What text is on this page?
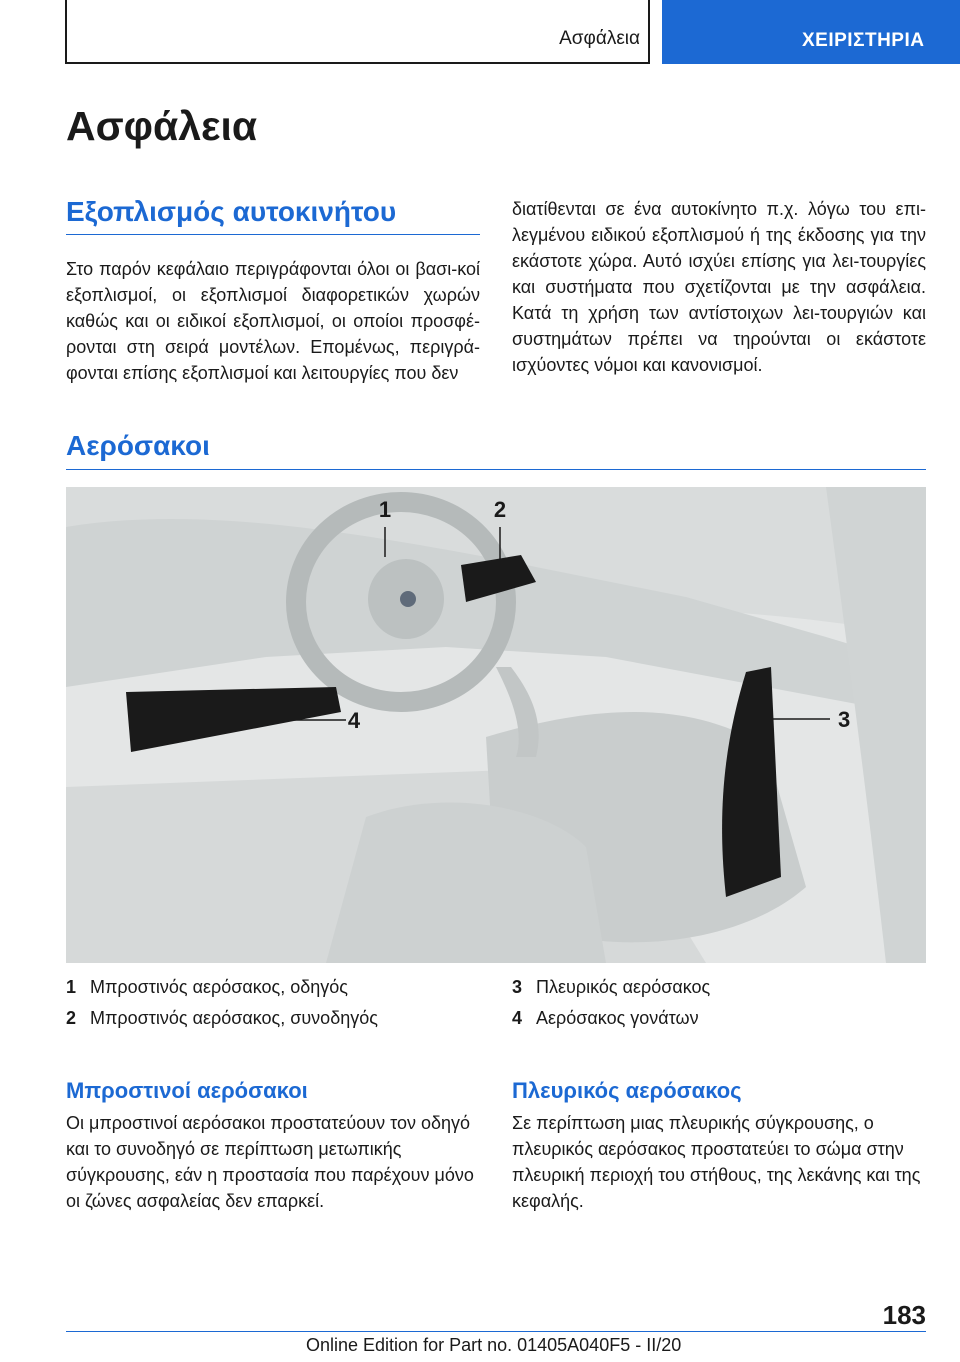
Ασφάλεια	ΧΕΙΡΙΣΤΗΡΙΑ
Ασφάλεια
Εξοπλισμός αυτοκινήτου
Στο παρόν κεφάλαιο περιγράφονται όλοι οι βασι-κοί εξοπλισμοί, οι εξοπλισμοί διαφορετικών χωρών καθώς και οι ειδικοί εξοπλισμοί, οι οποίοι προσφέ-ρονται στη σειρά μοντέλων. Επομένως, περιγρά-φονται επίσης εξοπλισμοί και λειτουργίες που δεν
διατίθενται σε ένα αυτοκίνητο π.χ. λόγω του επι-λεγμένου ειδικού εξοπλισμού ή της έκδοσης για την εκάστοτε χώρα. Αυτό ισχύει επίσης για λει-τουργίες και συστήματα που σχετίζονται με την ασφάλεια. Κατά τη χρήση των αντίστοιχων λει-τουργιών και συστημάτων πρέπει να τηρούνται οι εκάστοτε ισχύοντες νόμοι και κανονισμοί.
Αερόσακοι
1	2
3
4
1 Μπροστινός αερόσακος, οδηγός
2 Μπροστινός αερόσακος, συνοδηγός
3 Πλευρικός αερόσακος
4 Αερόσακος γονάτων
Μπροστινοί αερόσακοι
Οι μπροστινοί αερόσακοι προστατεύουν τον οδηγό και το συνοδηγό σε περίπτωση μετωπικής σύγκρουσης, εάν η προστασία που παρέχουν μόνο οι ζώνες ασφαλείας δεν επαρκεί.
Πλευρικός αερόσακος
Σε περίπτωση μιας πλευρικής σύγκρουσης, ο πλευρικός αερόσακος προστατεύει το σώμα στην πλευρική περιοχή του στήθους, της λεκάνης και της κεφαλής.
183
Online Edition for Part no. 01405A040F5 - II/20
